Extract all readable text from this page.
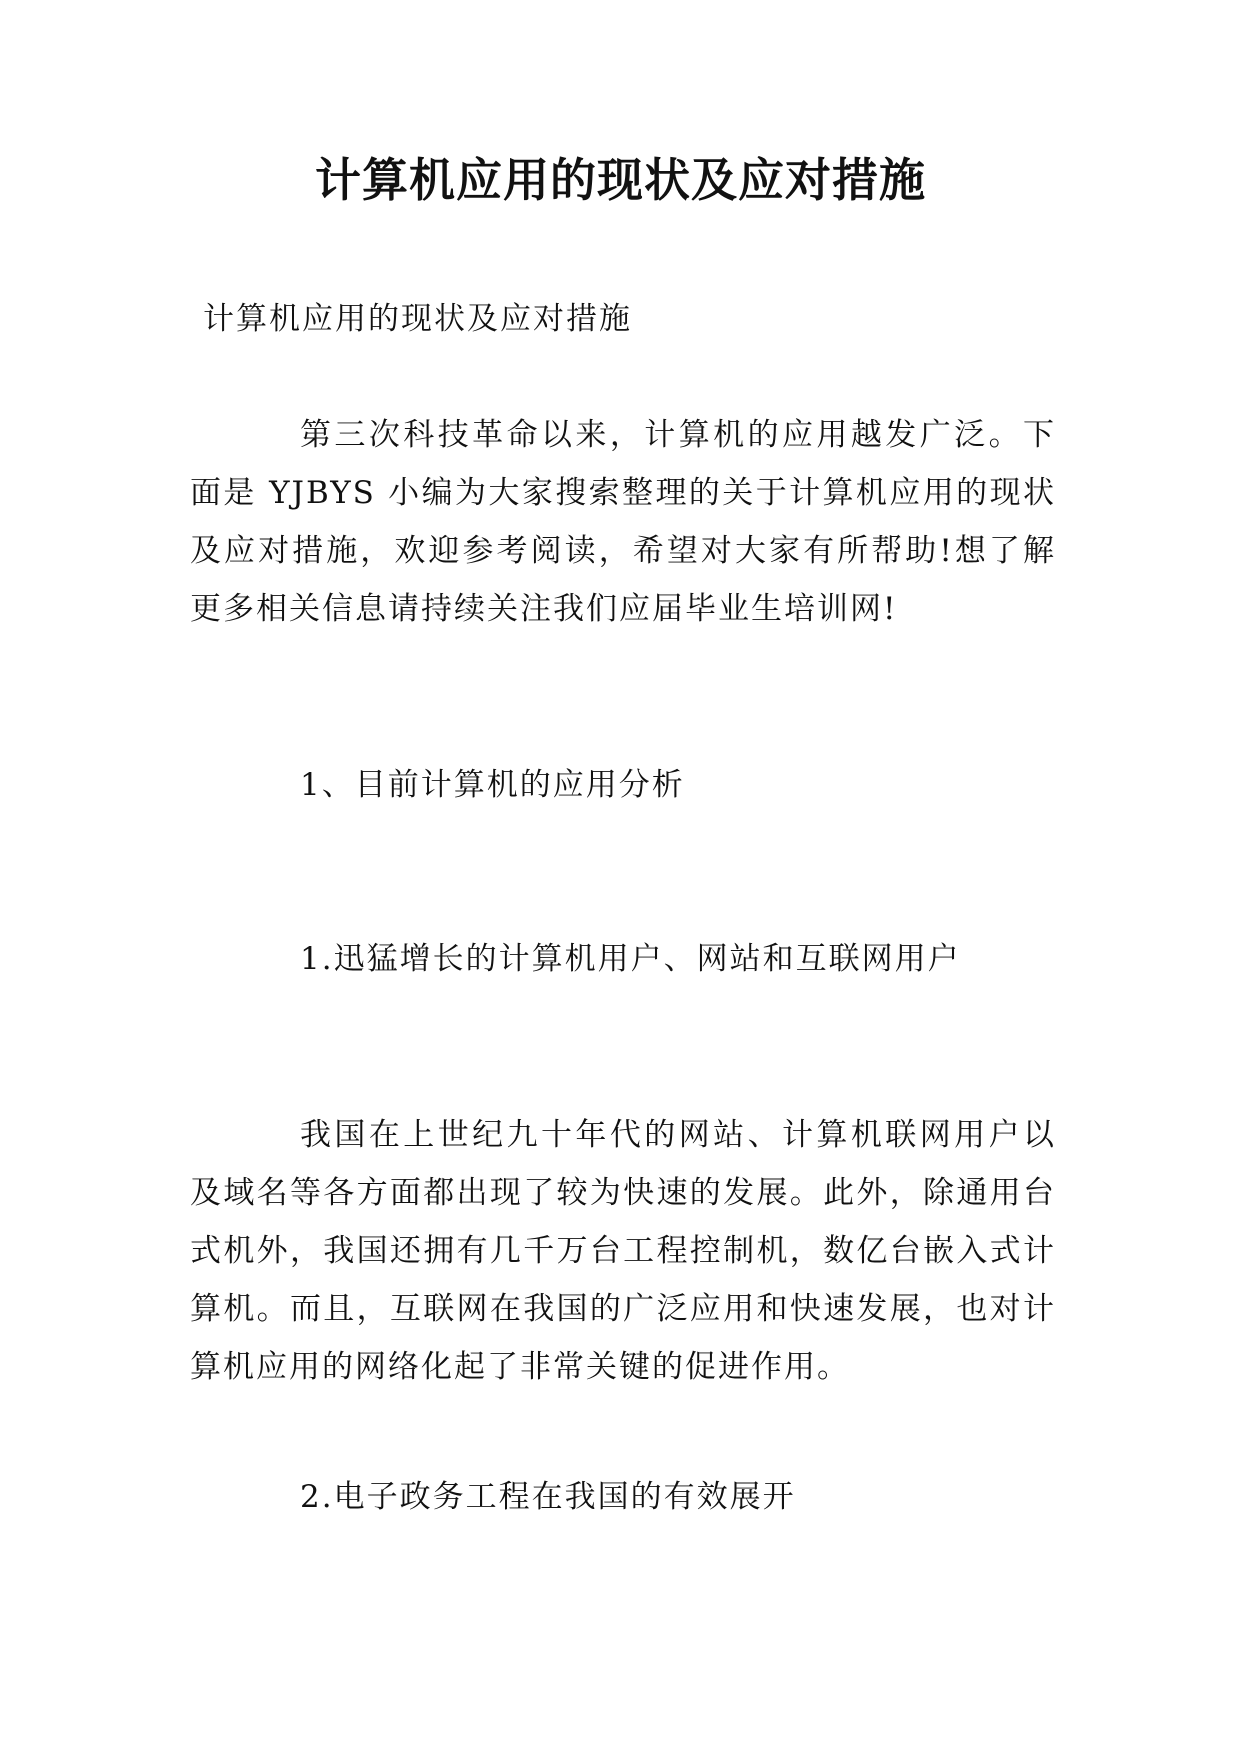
计算机应用的现状及应对措施
计算机应用的现状及应对措施

第三次科技革命以来，计算机的应用越发广泛。下面是 YJBYS 小编为大家搜索整理的关于计算机应用的现状及应对措施，欢迎参考阅读，希望对大家有所帮助!想了解更多相关信息请持续关注我们应届毕业生培训网!

1、目前计算机的应用分析
1.迅猛增长的计算机用户、网站和互联网用户

我国在上世纪九十年代的网站、计算机联网用户以及域名等各方面都出现了较为快速的发展。此外，除通用台式机外，我国还拥有几千万台工程控制机，数亿台嵌入式计算机。而且，互联网在我国的广泛应用和快速发展，也对计算机应用的网络化起了非常关键的促进作用。

2.电子政务工程在我国的有效展开
